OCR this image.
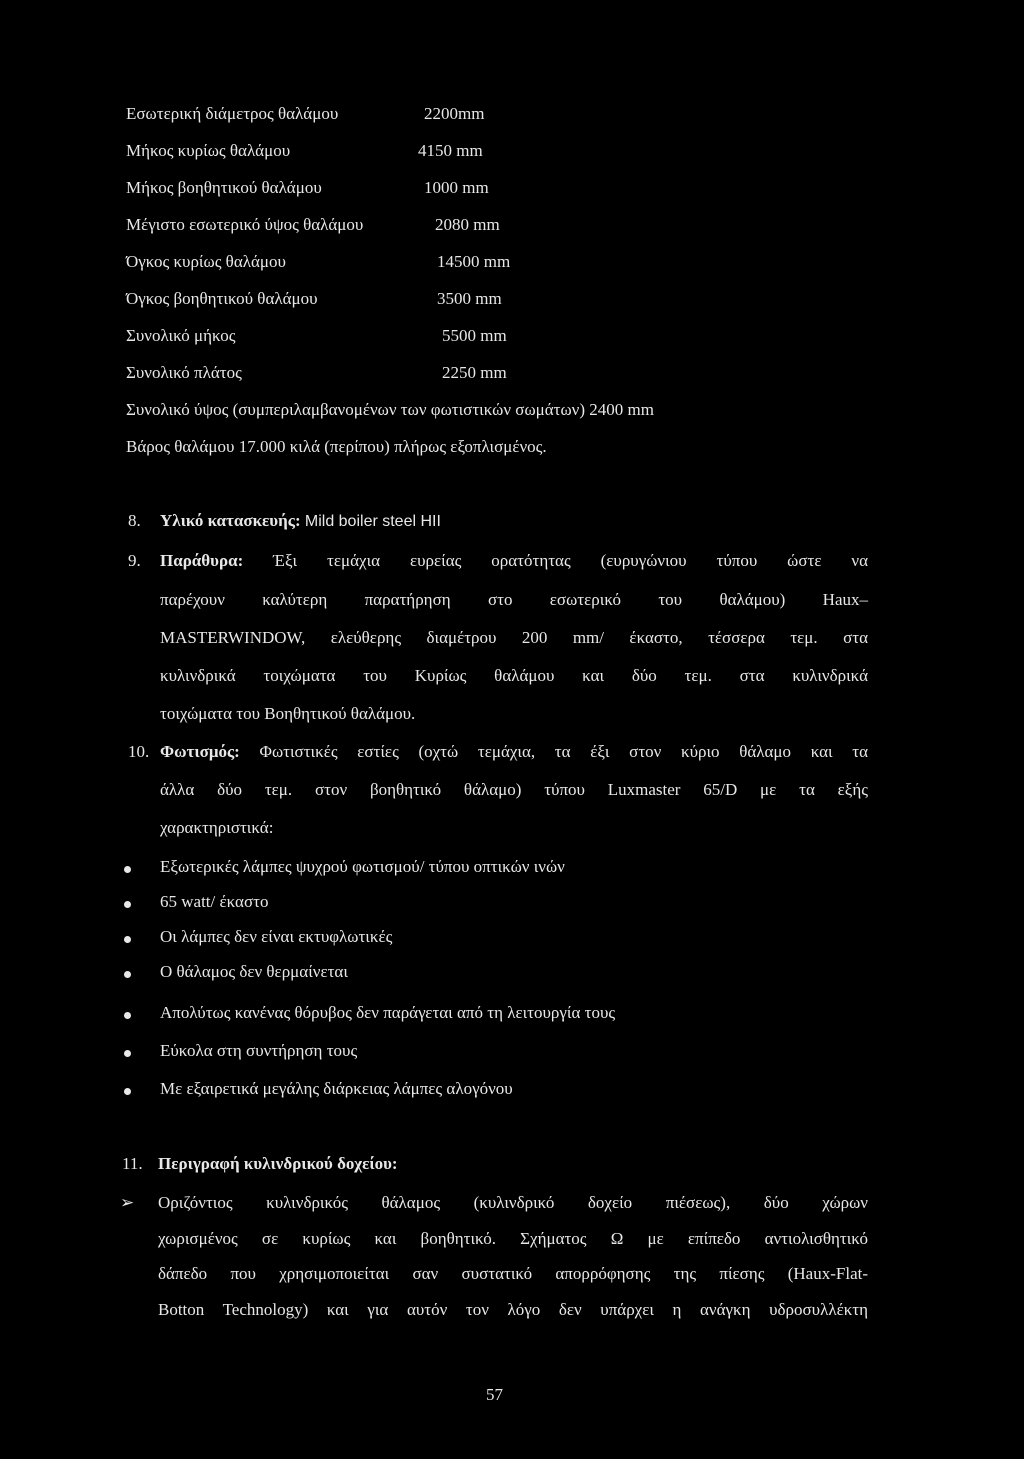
Εσωτερική διάμετρος θαλάμου	2200mm
Μήκος κυρίως θαλάμου	4150 mm
Μήκος βοηθητικού θαλάμου	1000 mm
Μέγιστο εσωτερικό ύψος θαλάμου	2080 mm
Όγκος κυρίως θαλάμου	14500 mm
Όγκος βοηθητικού θαλάμου	3500 mm
Συνολικό μήκος	5500 mm
Συνολικό πλάτος	2250 mm
Συνολικό ύψος (συμπεριλαμβανομένων των φωτιστικών σωμάτων) 2400 mm
Βάρος θαλάμου 17.000 κιλά (περίπου) πλήρως εξοπλισμένος.
8. Υλικό κατασκευής: Mild boiler steel HII
9. Παράθυρα: Έξι τεμάχια ευρείας ορατότητας (ευρυγώνιου τύπου ώστε να
παρέχουν καλύτερη παρατήρηση στο εσωτερικό του θαλάμου) Haux–
MASTERWINDOW, ελεύθερης διαμέτρου 200 mm/ έκαστο, τέσσερα τεμ. στα
κυλινδρικά τοιχώματα του Κυρίως θαλάμου και δύο τεμ. στα κυλινδρικά
τοιχώματα του Βοηθητικού θαλάμου.
10. Φωτισμός: Φωτιστικές εστίες (οχτώ τεμάχια, τα έξι στον κύριο θάλαμο και τα
άλλα δύο τεμ. στον βοηθητικό θάλαμο) τύπου Luxmaster 65/D με τα εξής
χαρακτηριστικά:
Εξωτερικές λάμπες ψυχρού φωτισμού/ τύπου οπτικών ινών
65 watt/ έκαστο
Οι λάμπες δεν είναι εκτυφλωτικές
Ο θάλαμος δεν θερμαίνεται
Απολύτως κανένας θόρυβος δεν παράγεται από τη λειτουργία τους
Εύκολα στη συντήρηση τους
Με εξαιρετικά μεγάλης διάρκειας λάμπες αλογόνου
11. Περιγραφή κυλινδρικού δοχείου:
➢ Οριζόντιος κυλινδρικός θάλαμος (κυλινδρικό δοχείο πιέσεως), δύο χώρων
χωρισμένος σε κυρίως και βοηθητικό. Σχήματος Ω με επίπεδο αντιολισθητικό
δάπεδο που χρησιμοποιείται σαν συστατικό απορρόφησης της πίεσης (Haux-Flat-
Botton Technology) και για αυτόν τον λόγο δεν υπάρχει η ανάγκη υδροσυλλέκτη
57
